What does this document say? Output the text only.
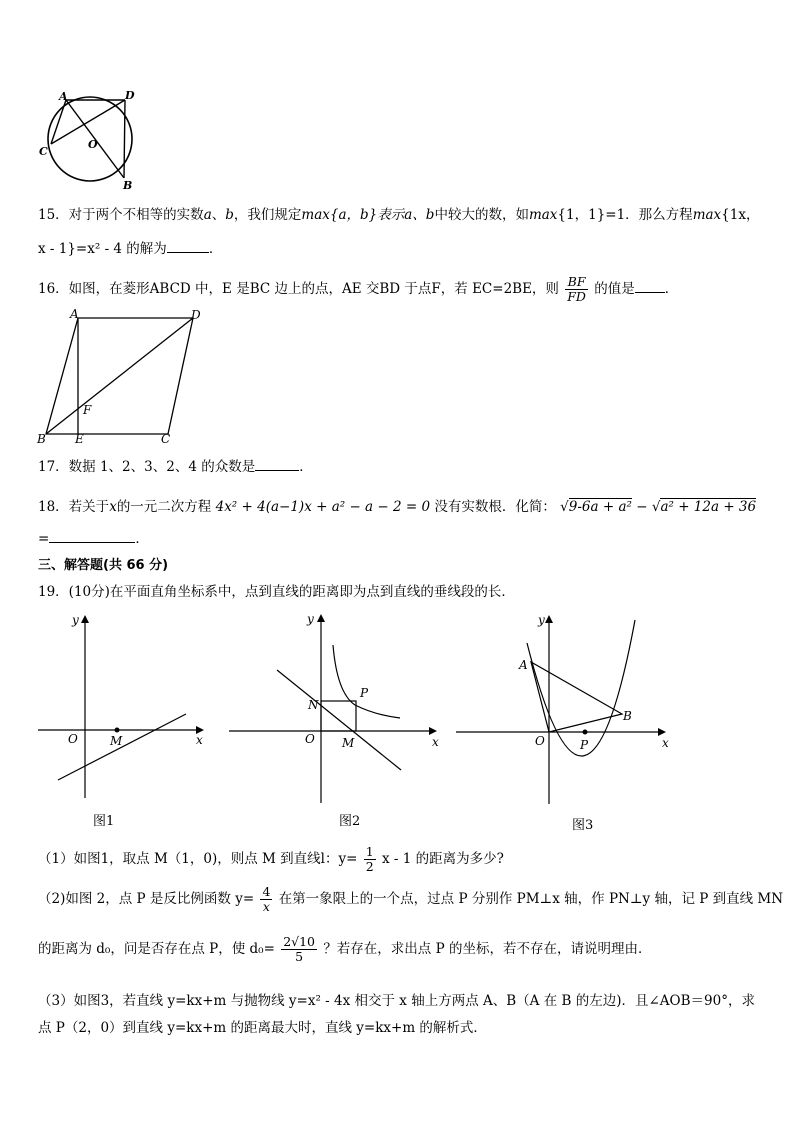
A	D
C
O
B
15．对于两个不相等的实数a、b，我们规定max{a，b}表示a、b中较大的数，如max{1，1}=1．那么方程max{1x，
x - 1}=x² - 4 的解为	．
16．如图，在菱形ABCD 中，E 是BC 边上的点，AE 交BD 于点F，若 EC=2BE，则 $\frac{BF}{FD}$ 的值是 ．
A	D
F
B E	C
17．数据 1、2、3、2、4 的众数是	．
18．若关于x的一元二次方程 4x² + 4(a−1)x + a² − a − 2 = 0 没有实数根．化简： √9-6a + a² − √a² + 12a + 36
=	．
三、解答题(共 66 分)
19．(10分)在平面直角坐标系中，点到直线的距离即为点到直线的垂线段的长．
y
x
O	M
图1
y
x
O M
N
P
图2
y
x
O	P
A
B
图3
（1）如图1，取点 M（1，0)，则点 M 到直线l：$y= \frac{1}{2}$ x - 1 的距离为多少?
（2)如图 2，点 P 是反比例函数 $y= \frac{4}{x}$ 在第一象限上的一个点，过点 P 分别作 PM⊥x 轴，作 PN⊥y 轴，记 P 到直线 MN
的距离为 d₀，问是否存在点 P，使 $d_0= \frac{2√10}{5}$ ？若存在，求出点 P 的坐标，若不存在，请说明理由．
（3）如图3，若直线 y=kx+m 与抛物线 y=x² - 4x 相交于 x 轴上方两点 A、B（A 在 B 的左边)．且∠AOB＝90°，求
点 P（2，0）到直线 y=kx+m 的距离最大时，直线 y=kx+m 的解析式．
